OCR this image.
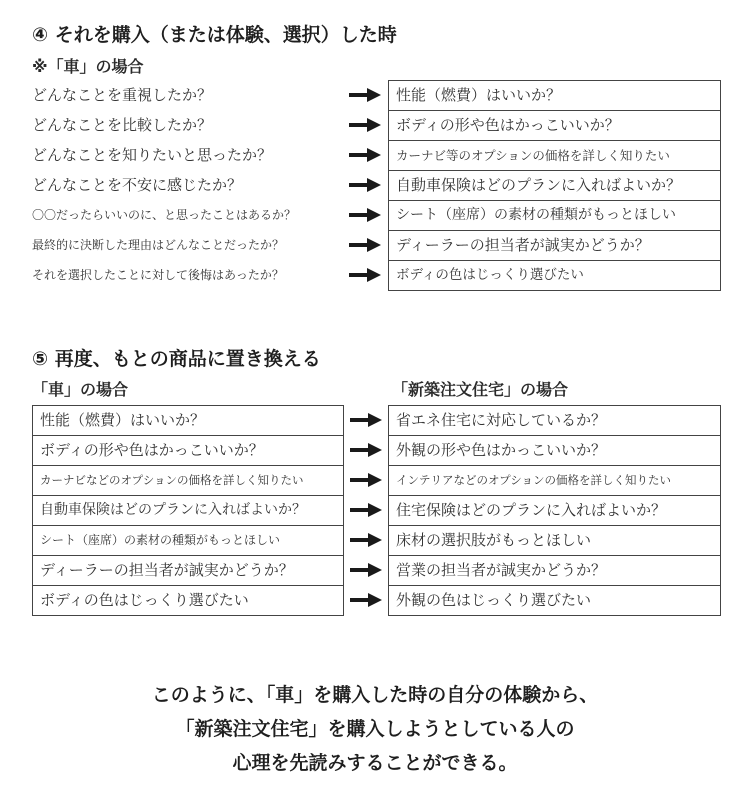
④ それを購入（または体験、選択）した時
※「車」の場合
どんなことを重視したか？
どんなことを比較したか？
どんなことを知りたいと思ったか？
どんなことを不安に感じたか？
〇〇だったらいいのに、と思ったことはあるか？
最終的に決断した理由はどんなことだったか？
それを選択したことに対して後悔はあったか？
性能（燃費）はいいか？
ボディの形や色はかっこいいか？
カーナビ等のオプションの価格を詳しく知りたい
自動車保険はどのプランに入ればよいか？
シート（座席）の素材の種類がもっとほしい
ディーラーの担当者が誠実かどうか？
ボディの色はじっくり選びたい
⑤ 再度、もとの商品に置き換える
「車」の場合	「新築注文住宅」の場合
性能（燃費）はいいか？
ボディの形や色はかっこいいか？
カーナビなどのオプションの価格を詳しく知りたい
自動車保険はどのプランに入ればよいか？
シート（座席）の素材の種類がもっとほしい
ディーラーの担当者が誠実かどうか？
ボディの色はじっくり選びたい
省エネ住宅に対応しているか？
外観の形や色はかっこいいか？
インテリアなどのオプションの価格を詳しく知りたい
住宅保険はどのプランに入ればよいか？
床材の選択肢がもっとほしい
営業の担当者が誠実かどうか？
外観の色はじっくり選びたい
このように、「車」を購入した時の自分の体験から、
「新築注文住宅」を購入しようとしている人の
心理を先読みすることができる。
